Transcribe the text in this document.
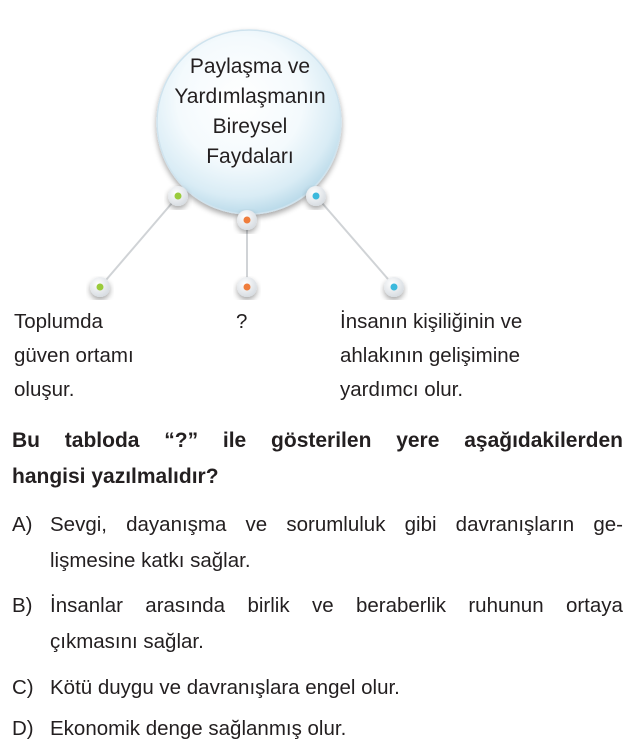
Paylaşma ve
Yardımlaşmanın
Bireysel
Faydaları
Toplumda
güven ortamı
oluşur.
?	İnsanın kişiliğinin ve
ahlakının gelişimine
yardımcı olur.
Bu tabloda “?” ile gösterilen yere aşağıdakilerden
hangisi yazılmalıdır?
A) Sevgi, dayanışma ve sorumluluk gibi davranışların ge-
lişmesine katkı sağlar.
B) İnsanlar arasında birlik ve beraberlik ruhunun ortaya
çıkmasını sağlar.
C) Kötü duygu ve davranışlara engel olur.
D) Ekonomik denge sağlanmış olur.
